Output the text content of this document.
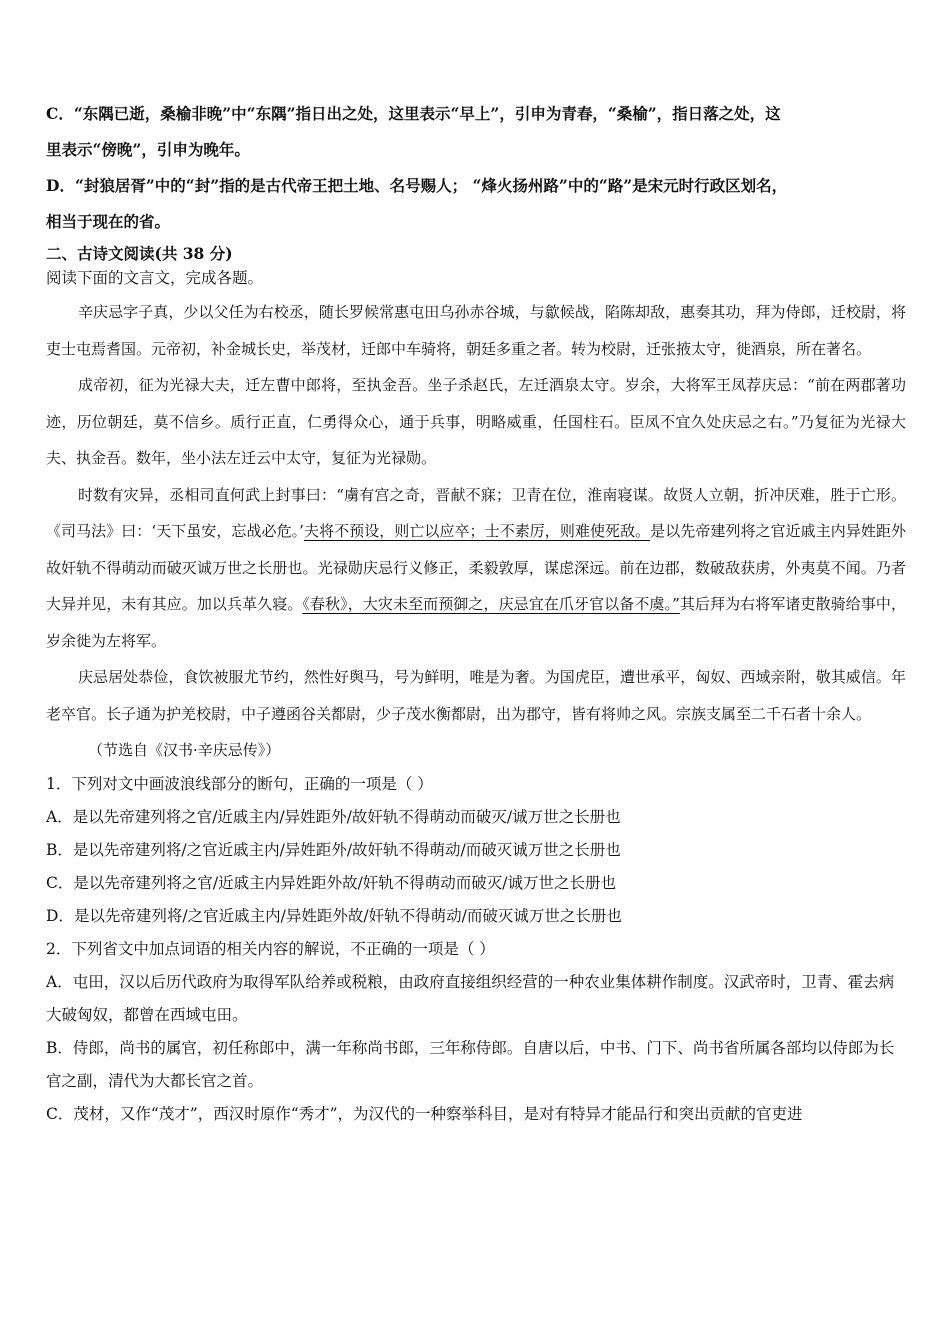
C．“东隅已逝，桑榆非晚”中“东隅”指日出之处，这里表示“早上”，引申为青春，“桑榆”，指日落之处，这
里表示“傍晚”，引申为晚年。
D．“封狼居胥”中的“封”指的是古代帝王把土地、名号赐人； “烽火扬州路”中的“路”是宋元时行政区划名，
相当于现在的省。
二、古诗文阅读(共 38 分)
阅读下面的文言文，完成各题。
辛庆忌字子真，少以父任为右校丞，随长罗候常惠屯田乌孙赤谷城，与歙候战，陷陈却敌，惠奏其功，拜为侍郎，迁校尉，将吏士屯焉耆国。元帝初，补金城长史，举茂材，迁郎中车骑将，朝廷多重之者。转为校尉，迁张掖太守，徙酒泉，所在著名。
成帝初，征为光禄大夫，迁左曹中郎将，至执金吾。坐子杀赵氏，左迁酒泉太守。岁余，大将军王凤荐庆忌：“前在两郡著功迹，历位朝廷，莫不信乡。质行正直，仁勇得众心，通于兵事，明略威重，任国柱石。臣凤不宜久处庆忌之右。”乃复征为光禄大夫、执金吾。数年，坐小法左迁云中太守，复征为光禄勋。
时数有灾异，丞相司直何武上封事曰：“虜有宫之奇，晋献不寐；卫青在位，淮南寝谋。故贤人立朝，折冲厌难，胜于亡形。《司马法》曰：‘天下虽安，忘战必危。’夫将不预设，则亡以应卒；士不素厉，则难使死敌。是以先帝建列将之官近戚主内异姓距外故奸轨不得萌动而破灭诚万世之长册也。光禄勋庆忌行义修正，柔毅敦厚，谋虑深远。前在边郡，数破敌获虏，外夷莫不闻。乃者大异并见，未有其应。加以兵革久寝。《春秋》，大灾未至而预御之，庆忌宜在爪牙官以备不虞。”其后拜为右将军诸吏散骑给事中，岁余徙为左将军。
庆忌居处恭俭，食饮被服尤节约，然性好舆马，号为鲜明，唯是为奢。为国虎臣，遭世承平，匈奴、西域亲附，敬其威信。年老卒官。长子通为护羌校尉，中子遵函谷关都尉，少子茂水衡都尉，出为郡守，皆有将帅之风。宗族支属至二千石者十余人。
（节选自《汉书·辛庆忌传》）
1．下列对文中画波浪线部分的断句，正确的一项是（ ）
A．是以先帝建列将之官/近戚主内/异姓距外/故奸轨不得萌动而破灭/诚万世之长册也
B．是以先帝建列将/之官近戚主内/异姓距外/故奸轨不得萌动/而破灭诚万世之长册也
C．是以先帝建列将之官/近戚主内异姓距外故/奸轨不得萌动而破灭/诚万世之长册也
D．是以先帝建列将/之官近戚主内/异姓距外故/奸轨不得萌动/而破灭诚万世之长册也
2．下列省文中加点词语的相关内容的解说，不正确的一项是（ ）
A．屯田，汉以后历代政府为取得军队给养或税粮，由政府直接组织经营的一种农业集体耕作制度。汉武帝时，卫青、霍去病大破匈奴，都曾在西域屯田。
B．侍郎，尚书的属官，初任称郎中，满一年称尚书郎，三年称侍郎。自唐以后，中书、门下、尚书省所属各部均以侍郎为长官之副，清代为大都长官之首。
C．茂材，又作“茂才”，西汉时原作“秀才”，为汉代的一种察举科目，是对有特异才能品行和突出贡献的官吏进
